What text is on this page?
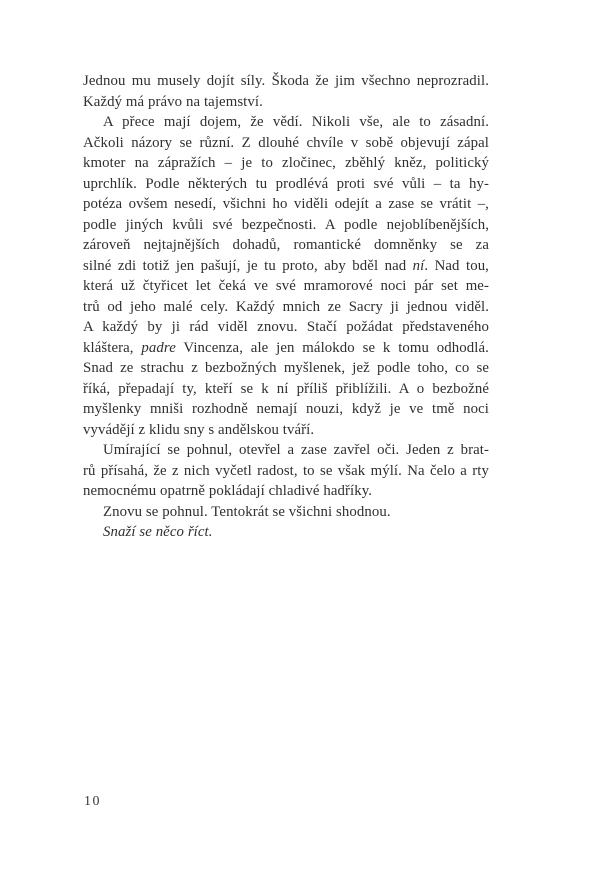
Jednou mu musely dojít síly. Škoda že jim všechno neprozradil.
Každý má právo na tajemství.
A přece mají dojem, že vědí. Nikoli vše, ale to zásadní.
Ačkoli názory se různí. Z dlouhé chvíle v sobě objevují zápal
kmoter na zápražích – je to zločinec, zběhlý kněz, politický
uprchlík. Podle některých tu prodlévá proti své vůli – ta hy-
potéza ovšem nesedí, všichni ho viděli odejít a zase se vrátit –,
podle jiných kvůli své bezpečnosti. A podle nejoblíbenějších,
zároveň nejtajnějších dohadů, romantické domněnky se za
silné zdi totiž jen pašují, je tu proto, aby bděl nad ní. Nad tou,
která už čtyřicet let čeká ve své mramorové noci pár set me-
trů od jeho malé cely. Každý mnich ze Sacry ji jednou viděl.
A každý by ji rád viděl znovu. Stačí požádat představeného
kláštera, padre Vincenza, ale jen málokdo se k tomu odhodlá.
Snad ze strachu z bezbožných myšlenek, jež podle toho, co se
říká, přepadají ty, kteří se k ní příliš přiblížili. A o bezbožné
myšlenky mniši rozhodně nemají nouzi, když je ve tmě noci
vyvádějí z klidu sny s andělskou tváří.
Umírající se pohnul, otevřel a zase zavřel oči. Jeden z brat-
rů přísahá, že z nich vyčetl radost, to se však mýlí. Na čelo a rty
nemocnému opatrně pokládají chladivé hadříky.
Znovu se pohnul. Tentokrát se všichni shodnou.
Snaží se něco říct.
10
